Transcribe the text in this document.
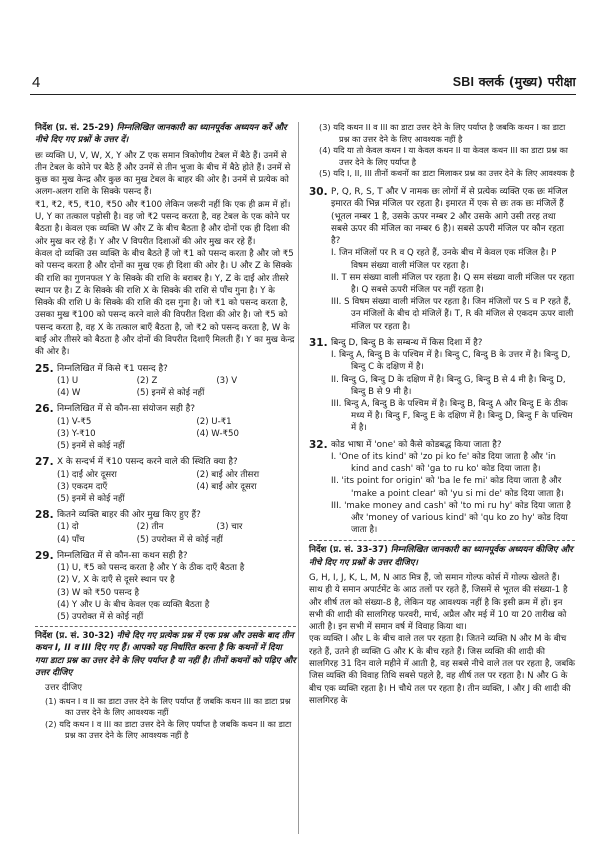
4	SBI क्लर्क (मुख्य) परीक्षा

निर्देश (प्र. सं. 25-29) निम्नलिखित जानकारी का ध्यानपूर्वक अध्ययन करें और नीचे दिए गए प्रश्नों के उत्तर दें।

छः व्यक्ति U, V, W, X, Y और Z एक समान त्रिकोणीय टेबल में बैठे हैं। उनमें से तीन टेबल के कोने पर बैठे हैं और उनमें से तीन भुजा के बीच में बैठे होते हैं। उनमें से कुछ का मुख केन्द्र और कुछ का मुख टेबल के बाहर की ओर है। उनमें से प्रत्येक को अलग-अलग राशि के सिक्के पसन्द हैं।

₹1, ₹2, ₹5, ₹10, ₹50 और ₹100 लेकिन जरूरी नहीं कि एक ही क्रम में हों। U, Y का तत्काल पड़ोसी है। वह जो ₹2 पसन्द करता है, वह टेबल के एक कोने पर बैठता है। केवल एक व्यक्ति W और Z के बीच बैठता है और दोनों एक ही दिशा की ओर मुख कर रहे हैं। Y और V विपरीत दिशाओं की ओर मुख कर रहे हैं।

केवल दो व्यक्ति उस व्यक्ति के बीच बैठते हैं जो ₹1 को पसन्द करता है और जो ₹5 को पसन्द करता है और दोनों का मुख एक ही दिशा की ओर है। U और Z के सिक्के की राशि का गुणनफल Y के सिक्के की राशि के बराबर है। Y, Z के दाईं ओर तीसरे स्थान पर है। Z के सिक्के की राशि X के सिक्के की राशि से पाँच गुना है। Y के सिक्के की राशि U के सिक्के की राशि की दस गुना है। जो ₹1 को पसन्द करता है, उसका मुख ₹100 को पसन्द करने वाले की विपरीत दिशा की ओर है। जो ₹5 को पसन्द करता है, वह X के तत्काल बाएँ बैठता है, जो ₹2 को पसन्द करता है, W के बाईं ओर तीसरे को बैठता है और दोनों की विपरीत दिशाएँ मिलती हैं। Y का मुख केन्द्र की ओर है।

25. निम्नलिखित में किसे ₹1 पसन्द है?
(1) U	(2) Z	(3) V
(4) W	(5) इनमें से कोई नहीं
26. निम्नलिखित में से कौन-सा संयोजन सही है?
(1) V-₹5	(2) U-₹1
(3) Y-₹10	(4) W-₹50
(5) इनमें से कोई नहीं
27. X के सन्दर्भ में ₹10 पसन्द करने वाले की स्थिति क्या है?
(1) दाईं ओर दूसरा	(2) बाईं ओर तीसरा
(3) एकदम दाएँ	(4) बाईं ओर दूसरा
(5) इनमें से कोई नहीं
28. कितने व्यक्ति बाहर की ओर मुख किए हुए हैं?
(1) दो	(2) तीन	(3) चार
(4) पाँच	(5) उपरोक्त में से कोई नहीं
29. निम्नलिखित में से कौन-सा कथन सही है?
(1) U, ₹5 को पसन्द करता है और Y के ठीक दाएँ बैठता है
(2) V, X के दाएँ से दूसरे स्थान पर है
(3) W को ₹50 पसन्द है
(4) Y और U के बीच केवल एक व्यक्ति बैठता है
(5) उपरोक्त में से कोई नहीं

निर्देश (प्र. सं. 30-32) नीचे दिए गए प्रत्येक प्रश्न में एक प्रश्न और उसके बाद तीन कथन I, II व III दिए गए हैं। आपको यह निर्धारित करना है कि कथनों में दिया गया डाटा प्रश्न का उत्तर देने के लिए पर्याप्त है या नहीं है। तीनों कथनों को पढ़िए और उत्तर दीजिए

उत्तर दीजिए
(1) कथन I व II का डाटा उत्तर देने के लिए पर्याप्त हैं जबकि कथन III का डाटा प्रश्न का उत्तर देने के लिए आवश्यक नहीं
(2) यदि कथन I व III का डाटा उत्तर देने के लिए पर्याप्त है जबकि कथन II का डाटा प्रश्न का उत्तर देने के लिए आवश्यक नहीं है
(3) यदि कथन II व III का डाटा उत्तर देने के लिए पर्याप्त है जबकि कथन I का डाटा प्रश्न का उत्तर देने के लिए आवश्यक नहीं है
(4) यदि या तो केवल कथन I या केवल कथन II या केवल कथन III का डाटा प्रश्न का उत्तर देने के लिए पर्याप्त है
(5) यदि I, II, III तीनों कथनों का डाटा मिलाकर प्रश्न का उत्तर देने के लिए आवश्यक है
30. P, Q, R, S, T और V नामक छः लोगों में से प्रत्येक व्यक्ति एक छः मंजिल इमारत की भिन्न मंजिल पर रहता है। इमारत में एक से छः तक छः मंजिलें हैं (भूतल नम्बर 1 है, उसके ऊपर नम्बर 2 और उसके आगे उसी तरह तथा सबसे ऊपर की मंजिल का नम्बर 6 है)। सबसे ऊपरी मंजिल पर कौन रहता है?
I. जिन मंजिलों पर R व Q रहते हैं, उनके बीच में केवल एक मंजिल है। P विषम संख्या वाली मंजिल पर रहता है।
II. T सम संख्या वाली मंजिल पर रहता है। Q सम संख्या वाली मंजिल पर रहता है। Q सबसे ऊपरी मंजिल पर नहीं रहता है।
III. S विषम संख्या वाली मंजिल पर रहता है। जिन मंजिलों पर S व P रहते हैं, उन मंजिलों के बीच दो मंजिलें हैं। T, R की मंजिल से एकदम ऊपर वाली मंजिल पर रहता है।
31. बिन्दु D, बिन्दु B के सम्बन्ध में किस दिशा में है?
I. बिन्दु A, बिन्दु B के पश्चिम में है। बिन्दु C, बिन्दु B के उत्तर में है। बिन्दु D, बिन्दु C के दक्षिण में है।
II. बिन्दु G, बिन्दु D के दक्षिण में है। बिन्दु G, बिन्दु B से 4 मी है। बिन्दु D, बिन्दु B से 9 मी है।
III. बिन्दु A, बिन्दु B के पश्चिम में है। बिन्दु B, बिन्दु A और बिन्दु E के ठीक मध्य में है। बिन्दु F, बिन्दु E के दक्षिण में है। बिन्दु D, बिन्दु F के पश्चिम में है।
32. कोड भाषा में 'one' को कैसे कोडबद्ध किया जाता है?
I. 'One of its kind' को 'zo pi ko fe' कोड दिया जाता है और 'in kind and cash' को 'ga to ru ko' कोड दिया जाता है।
II. 'its point for origin' को 'ba le fe mi' कोड दिया जाता है और 'make a point clear' को 'yu si mi de' कोड दिया जाता है।
III. 'make money and cash' को 'to mi ru hy' कोड दिया जाता है और 'money of various kind' को 'qu ko zo hy' कोड दिया जाता है।

निर्देश (प्र. सं. 33-37) निम्नलिखित जानकारी का ध्यानपूर्वक अध्ययन कीजिए और नीचे दिए गए प्रश्नों के उत्तर दीजिए।

G, H, I, J, K, L, M, N आठ मित्र हैं, जो समान गोल्फ कोर्स में गोल्फ खेलते हैं। साथ ही ये समान अपार्टमेंट के आठ तलों पर रहते हैं, जिसमें से भूतल की संख्या-1 है और शीर्ष तल को संख्या-8 है, लेकिन यह आवश्यक नहीं है कि इसी क्रम में हों। इन सभी की शादी की सालगिरह फरवरी, मार्च, अप्रैल और मई में 10 या 20 तारीख को आती है। इन सभी में समान वर्ष में विवाह किया था।

एक व्यक्ति I और L के बीच वाले तल पर रहता है। जितने व्यक्ति N और M के बीच रहते हैं, उतने ही व्यक्ति G और K के बीच रहते हैं। जिस व्यक्ति की शादी की सालगिरह 31 दिन वाले महीने में आती है, वह सबसे नीचे वाले तल पर रहता है, जबकि जिस व्यक्ति की विवाह तिथि सबसे पहले है, वह शीर्ष तल पर रहता है। N और G के बीच एक व्यक्ति रहता है। H चौथे तल पर रहता है। तीन व्यक्ति, I और J की शादी की सालगिरह के
